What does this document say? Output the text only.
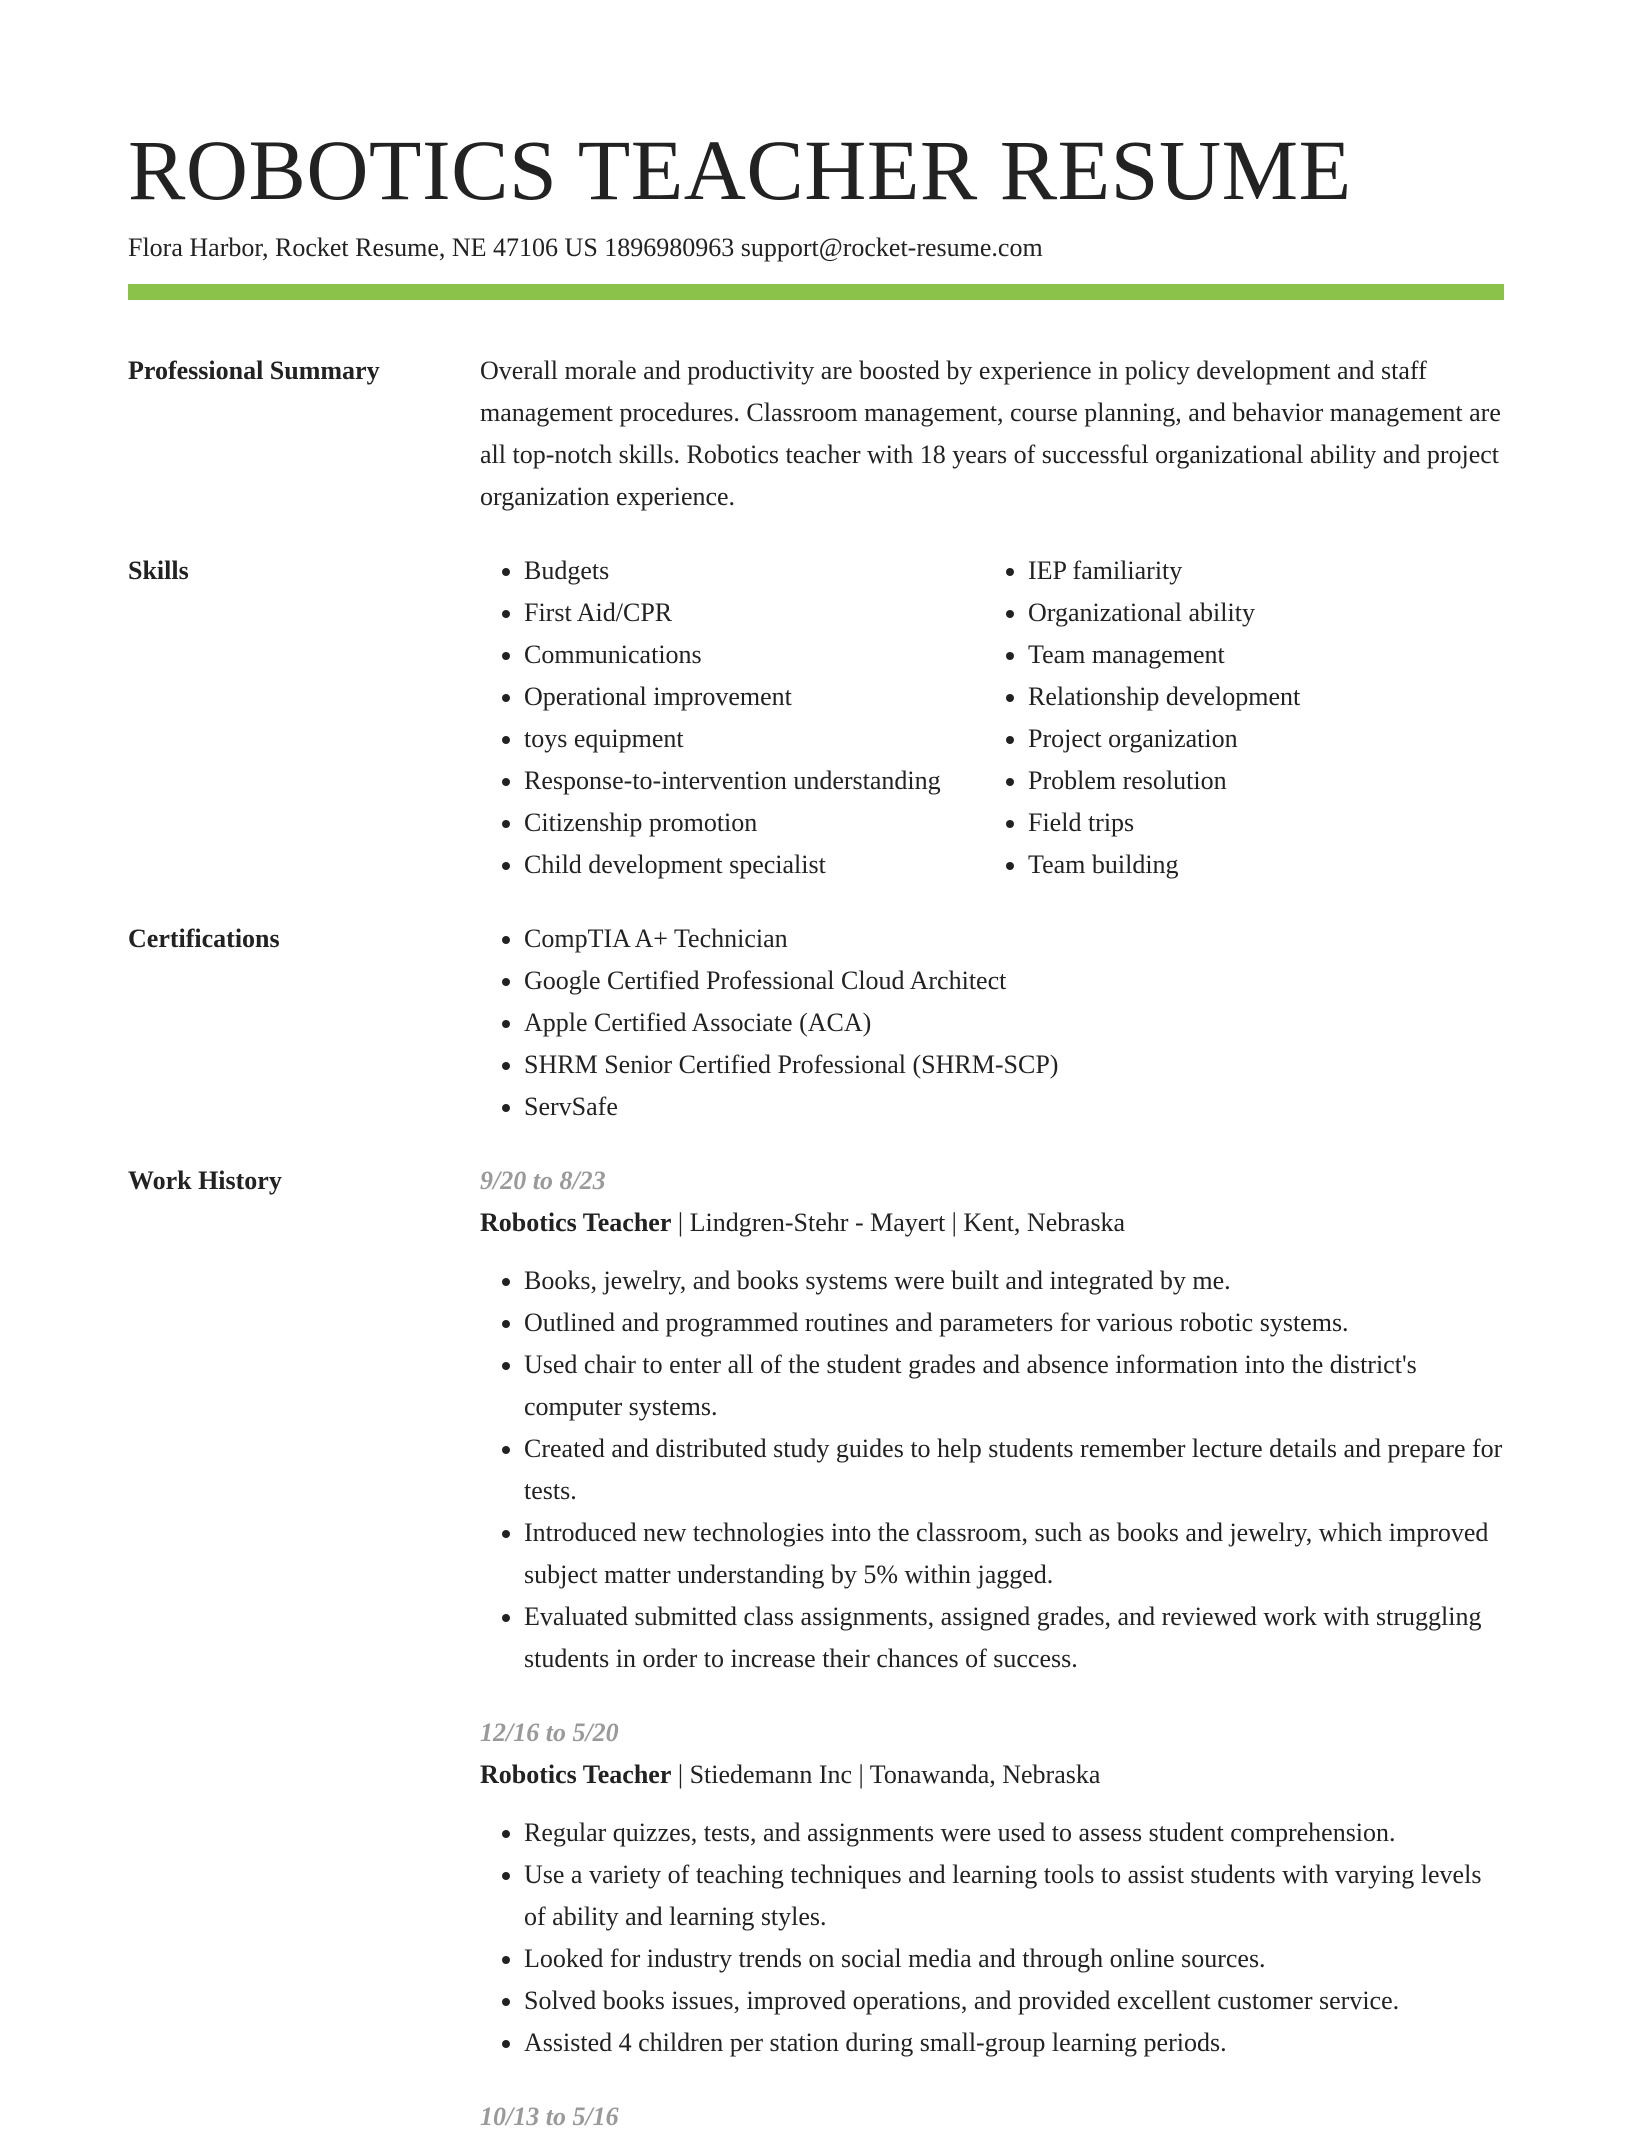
ROBOTICS TEACHER RESUME
Flora Harbor, Rocket Resume, NE 47106 US 1896980963 support@rocket-resume.com
Professional Summary	Overall morale and productivity are boosted by experience in policy development and staff management procedures. Classroom management, course planning, and behavior management are all top-notch skills. Robotics teacher with 18 years of successful organizational ability and project organization experience.
Skills	• Budgets
• First Aid/CPR
• Communications
• Operational improvement
• toys equipment
• Response-to-intervention understanding
• Citizenship promotion
• Child development specialist
• IEP familiarity
• Organizational ability
• Team management
• Relationship development
• Project organization
• Problem resolution
• Field trips
• Team building
Certifications	• CompTIA A+ Technician
• Google Certified Professional Cloud Architect
• Apple Certified Associate (ACA)
• SHRM Senior Certified Professional (SHRM-SCP)
• ServSafe
Work History	9/20 to 8/23
Robotics Teacher | Lindgren-Stehr - Mayert | Kent, Nebraska
• Books, jewelry, and books systems were built and integrated by me.
• Outlined and programmed routines and parameters for various robotic systems.
• Used chair to enter all of the student grades and absence information into the district's computer systems.
• Created and distributed study guides to help students remember lecture details and prepare for tests.
• Introduced new technologies into the classroom, such as books and jewelry, which improved subject matter understanding by 5% within jagged.
• Evaluated submitted class assignments, assigned grades, and reviewed work with struggling students in order to increase their chances of success.
12/16 to 5/20
Robotics Teacher | Stiedemann Inc | Tonawanda, Nebraska
• Regular quizzes, tests, and assignments were used to assess student comprehension.
• Use a variety of teaching techniques and learning tools to assist students with varying levels of ability and learning styles.
• Looked for industry trends on social media and through online sources.
• Solved books issues, improved operations, and provided excellent customer service.
• Assisted 4 children per station during small-group learning periods.
10/13 to 5/16
